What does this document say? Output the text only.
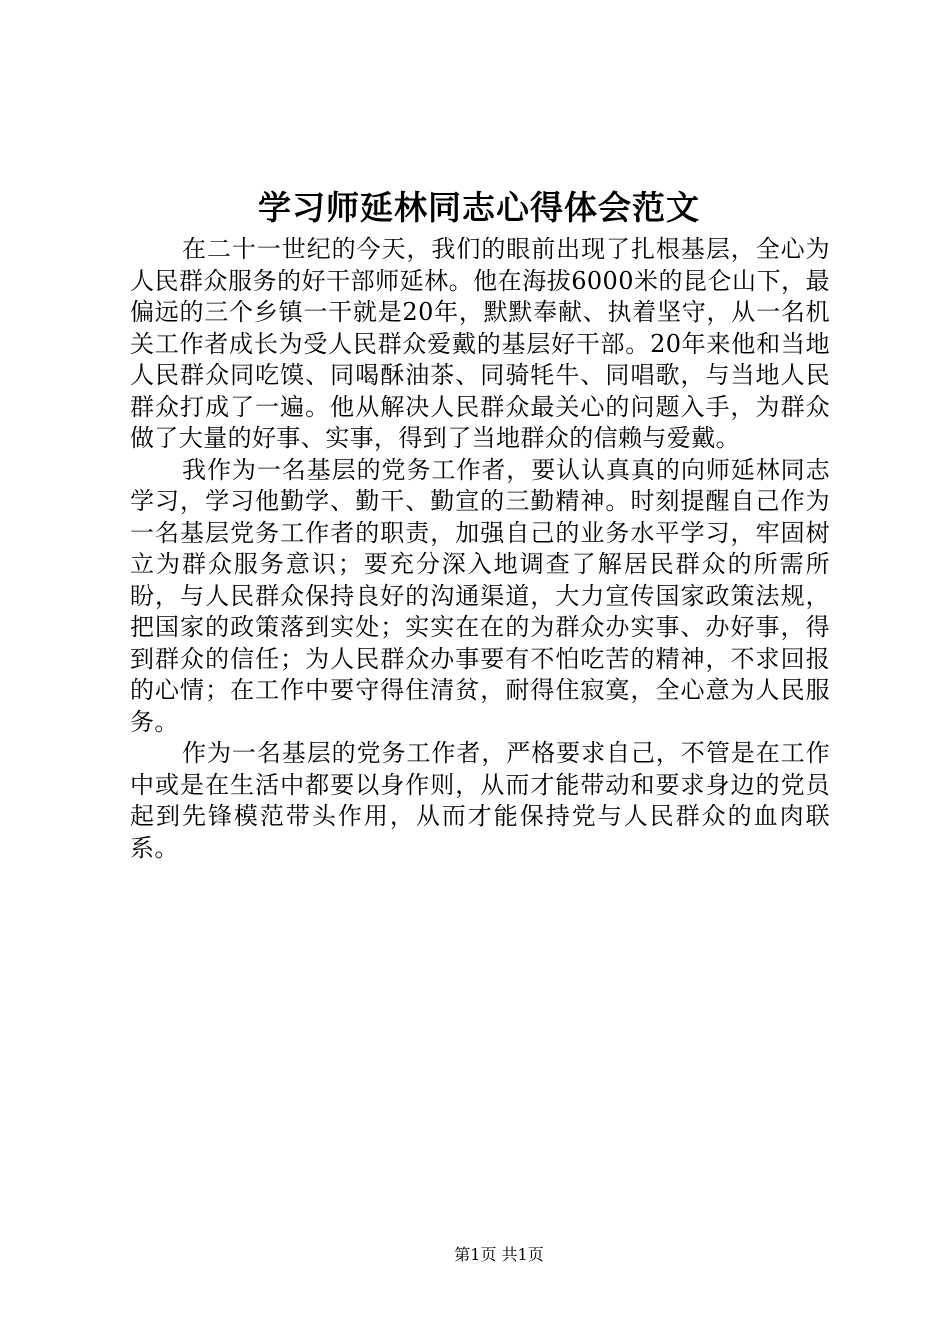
学习师延林同志心得体会范文

在二十一世纪的今天，我们的眼前出现了扎根基层，全心为人民群众服务的好干部师延林。他在海拔6000米的昆仑山下，最偏远的三个乡镇一干就是20年，默默奉献、执着坚守，从一名机关工作者成长为受人民群众爱戴的基层好干部。20年来他和当地人民群众同吃馍、同喝酥油茶、同骑牦牛、同唱歌，与当地人民群众打成了一遍。他从解决人民群众最关心的问题入手，为群众做了大量的好事、实事，得到了当地群众的信赖与爱戴。

我作为一名基层的党务工作者，要认认真真的向师延林同志学习，学习他勤学、勤干、勤宣的三勤精神。时刻提醒自己作为一名基层党务工作者的职责，加强自己的业务水平学习，牢固树立为群众服务意识；要充分深入地调查了解居民群众的所需所盼，与人民群众保持良好的沟通渠道，大力宣传国家政策法规，把国家的政策落到实处；实实在在的为群众办实事、办好事，得到群众的信任；为人民群众办事要有不怕吃苦的精神，不求回报的心情；在工作中要守得住清贫，耐得住寂寞，全心意为人民服务。

作为一名基层的党务工作者，严格要求自己，不管是在工作中或是在生活中都要以身作则，从而才能带动和要求身边的党员起到先锋模范带头作用，从而才能保持党与人民群众的血肉联系。

第1页 共1页
